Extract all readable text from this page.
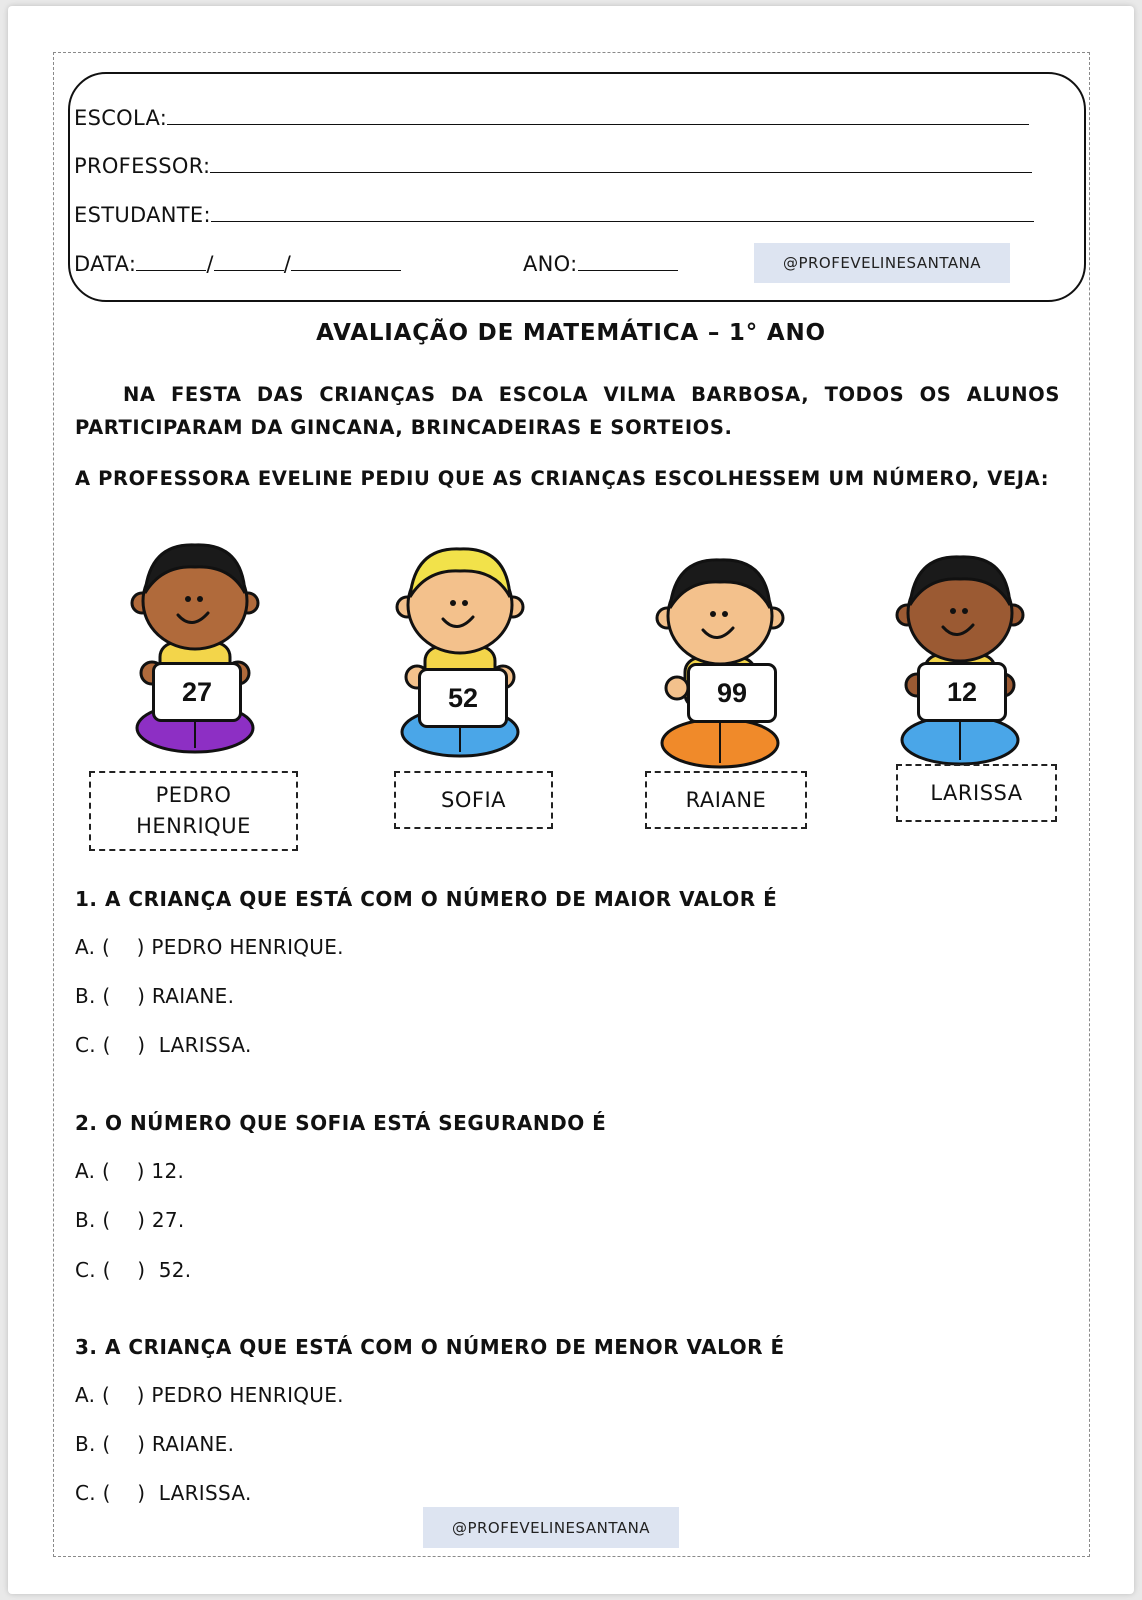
ESCOLA:
PROFESSOR:
ESTUDANTE:
DATA:	/	/	ANO:	@PROFEVELINESANTANA
AVALIAÇÃO DE MATEMÁTICA – 1° ANO
NA FESTA DAS CRIANÇAS DA ESCOLA VILMA BARBOSA, TODOS OS ALUNOS PARTICIPARAM DA GINCANA, BRINCADEIRAS E SORTEIOS.
A PROFESSORA EVELINE PEDIU QUE AS CRIANÇAS ESCOLHESSEM UM NÚMERO, VEJA:
27	52	99	12
PEDRO
HENRIQUE
SOFIA	RAIANE	LARISSA
1. A CRIANÇA QUE ESTÁ COM O NÚMERO DE MAIOR VALOR É
A. (    ) PEDRO HENRIQUE.
B. (    ) RAIANE.
C. (    )  LARISSA.
2. O NÚMERO QUE SOFIA ESTÁ SEGURANDO É
A. (    ) 12.
B. (    ) 27.
C. (    )  52.
3. A CRIANÇA QUE ESTÁ COM O NÚMERO DE MENOR VALOR É
A. (    ) PEDRO HENRIQUE.
B. (    ) RAIANE.
C. (    )  LARISSA.
@PROFEVELINESANTANA
